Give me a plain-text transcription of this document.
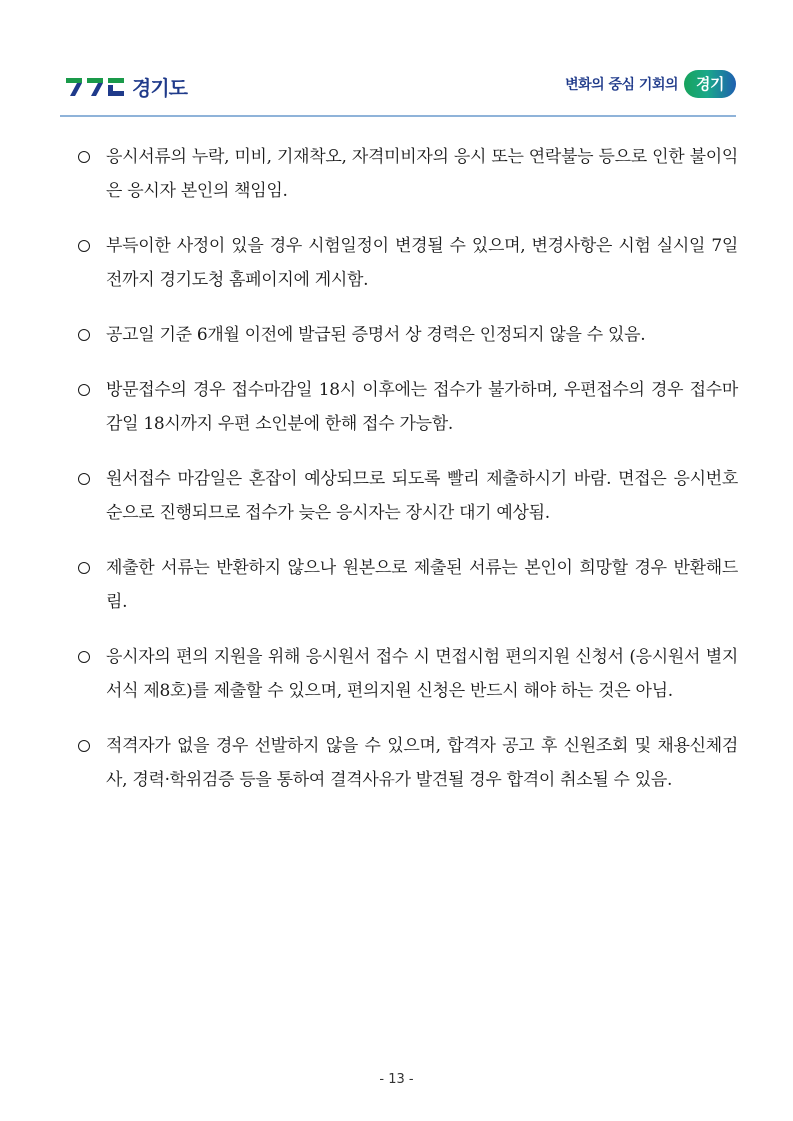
경기도	변화의 중심 기회의	경기
응시서류의 누락, 미비, 기재착오, 자격미비자의 응시 또는 연락불능 등으로 인한 불이익은 응시자 본인의 책임임.
부득이한 사정이 있을 경우 시험일정이 변경될 수 있으며, 변경사항은 시험 실시일 7일 전까지 경기도청 홈페이지에 게시함.
공고일 기준 6개월 이전에 발급된 증명서 상 경력은 인정되지 않을 수 있음.
방문접수의 경우 접수마감일 18시 이후에는 접수가 불가하며, 우편접수의 경우 접수마감일 18시까지 우편 소인분에 한해 접수 가능함.
원서접수 마감일은 혼잡이 예상되므로 되도록 빨리 제출하시기 바람. 면접은 응시번호 순으로 진행되므로 접수가 늦은 응시자는 장시간 대기 예상됨.
제출한 서류는 반환하지 않으나 원본으로 제출된 서류는 본인이 희망할 경우 반환해드림.
응시자의 편의 지원을 위해 응시원서 접수 시 면접시험 편의지원 신청서 (응시원서 별지서식 제8호)를 제출할 수 있으며, 편의지원 신청은 반드시 해야 하는 것은 아님.
적격자가 없을 경우 선발하지 않을 수 있으며, 합격자 공고 후 신원조회 및 채용신체검사, 경력·학위검증 등을 통하여 결격사유가 발견될 경우 합격이 취소될 수 있음.
- 13 -
